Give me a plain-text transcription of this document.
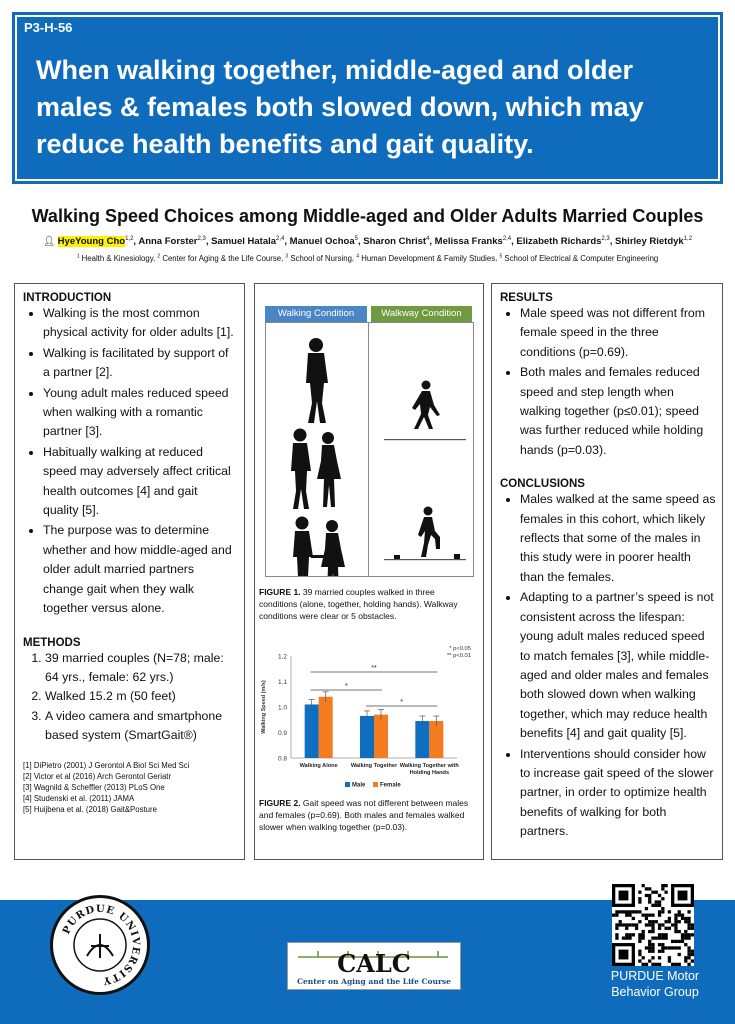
P3-H-56
When walking together, middle-aged and older males & females both slowed down, which may reduce health benefits and gait quality.
Walking Speed Choices among Middle-aged and Older Adults Married Couples
👤︎ HyeYoung Cho$^{1,2}$, Anna Forster$^{2,3}$, Samuel Hatala$^{2,4}$, Manuel Ochoa$^5$, Sharon Christ$^4$, Melissa Franks$^{2,4}$, Elizabeth Richards$^{2,3}$, Shirley Rietdyk$^{1,2}$
$^1$ Health & Kinesiology, $^2$ Center for Aging & the Life Course, $^3$ School of Nursing, $^4$ Human Development & Family Studies, $^5$ School of Electrical & Computer Engineering
INTRODUCTION
• Walking is the most common physical activity for older adults [1].
• Walking is facilitated by support of a partner [2].
• Young adult males reduced speed when walking with a romantic partner [3].
• Habitually walking at reduced speed may adversely affect critical health outcomes [4] and gait quality [5].
• The purpose was to determine whether and how middle-aged and older adult married partners change gait when they walk together versus alone.
METHODS
1. 39 married couples (N=78; male: 64 yrs., female: 62 yrs.)
2. Walked 15.2 m (50 feet)
3. A video camera and smartphone based system (SmartGait®)
[1] DiPietro (2001) J Gerontol A Biol Sci Med Sci
[2] Victor et al (2016) Arch Gerontol Geriatr
[3] Wagnild & Scheffler (2013) PLoS One
[4] Studenski et al. (2011) JAMA
[5] Huijbena et al. (2018) Gait&Posture
Walking Condition	Walkway Condition
FIGURE 1. 39 married couples walked in three conditions (alone, together, holding hands). Walkway conditions were clear or 5 obstacles.
**
*
*
0.8
0.9
1.0
1.1
1.2
Walking Speed (m/s)
Walking Alone Walking Together Walking Together with
Holding Hands
* p<0.05
** p<0.01
Male Female
FIGURE 2. Gait speed was not different between males and females (p=0.69). Both males and females walked slower when walking together (p=0.03).
RESULTS
• Male speed was not different from female speed in the three conditions (p=0.69).
• Both males and females reduced speed and step length when walking together (p≤0.01); speed was further reduced while holding hands (p=0.03).
CONCLUSIONS
• Males walked at the same speed as females in this cohort, which likely reflects that some of the males in this study were in poorer health than the females.
• Adapting to a partner’s speed is not consistent across the lifespan: young adult males reduced speed to match females [3], while middle-aged and older males and females both slowed down when walking together, which may reduce health benefits [4] and gait quality [5].
• Interventions should consider how to increase gait speed of the slower partner, in order to optimize health benefits of walking for both partners.
PURDUE UNIVERSITY
CALC
Center on Aging and the Life Course	PURDUE Motor Behavior Group
